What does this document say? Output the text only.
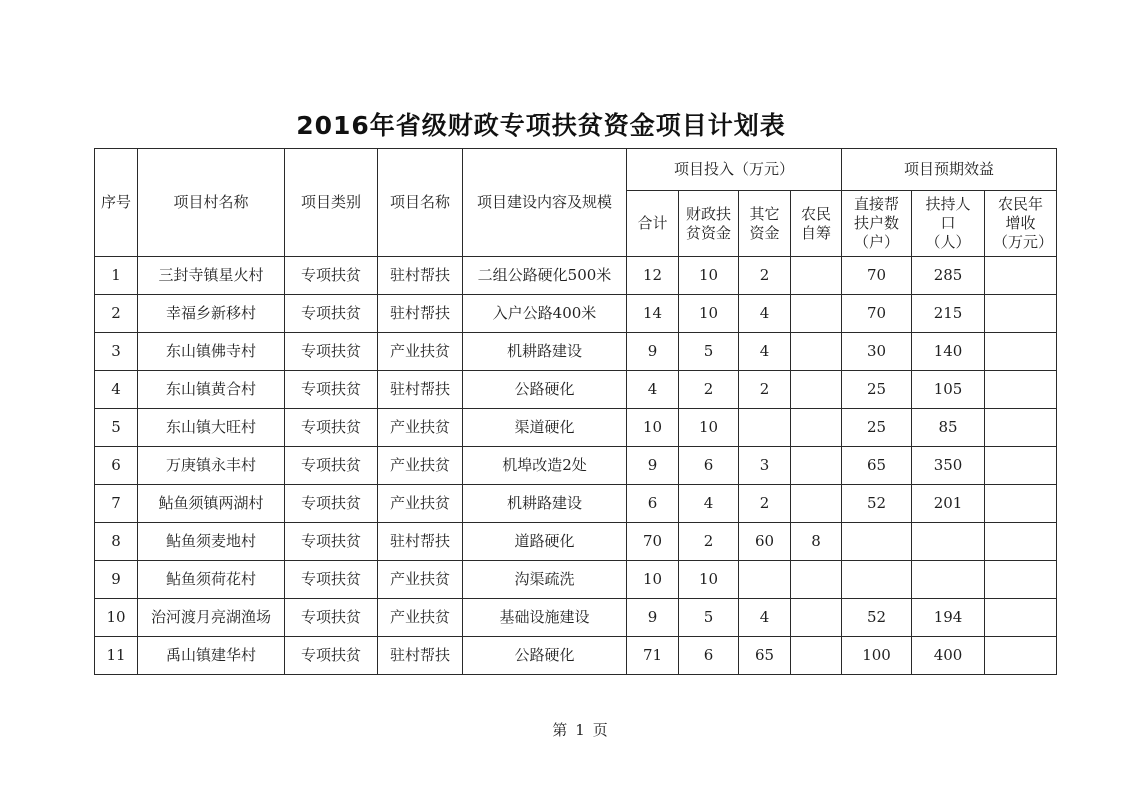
2016年省级财政专项扶贫资金项目计划表
序号	项目村名称	项目类别	项目名称	项目建设内容及规模	项目投入（万元）				项目预期效益		
					合计	财政扶贫资金	其它资金	农民自筹	直接帮扶户数（户）	扶持人口（人）	农民年增收（万元）
1	三封寺镇星火村	专项扶贫	驻村帮扶	二组公路硬化500米	12	10	2		70	285	
2	幸福乡新移村	专项扶贫	驻村帮扶	入户公路400米	14	10	4		70	215	
3	东山镇佛寺村	专项扶贫	产业扶贫	机耕路建设	9	5	4		30	140	
4	东山镇黄合村	专项扶贫	驻村帮扶	公路硬化	4	2	2		25	105	
5	东山镇大旺村	专项扶贫	产业扶贫	渠道硬化	10	10			25	85	
6	万庚镇永丰村	专项扶贫	产业扶贫	机埠改造2处	9	6	3		65	350	
7	鲇鱼须镇两湖村	专项扶贫	产业扶贫	机耕路建设	6	4	2		52	201	
8	鲇鱼须麦地村	专项扶贫	驻村帮扶	道路硬化	70	2	60	8			
9	鲇鱼须荷花村	专项扶贫	产业扶贫	沟渠疏洗	10	10					
10	治河渡月亮湖渔场	专项扶贫	产业扶贫	基础设施建设	9	5	4		52	194	
11	禹山镇建华村	专项扶贫	驻村帮扶	公路硬化	71	6	65		100	400	
第 1 页
